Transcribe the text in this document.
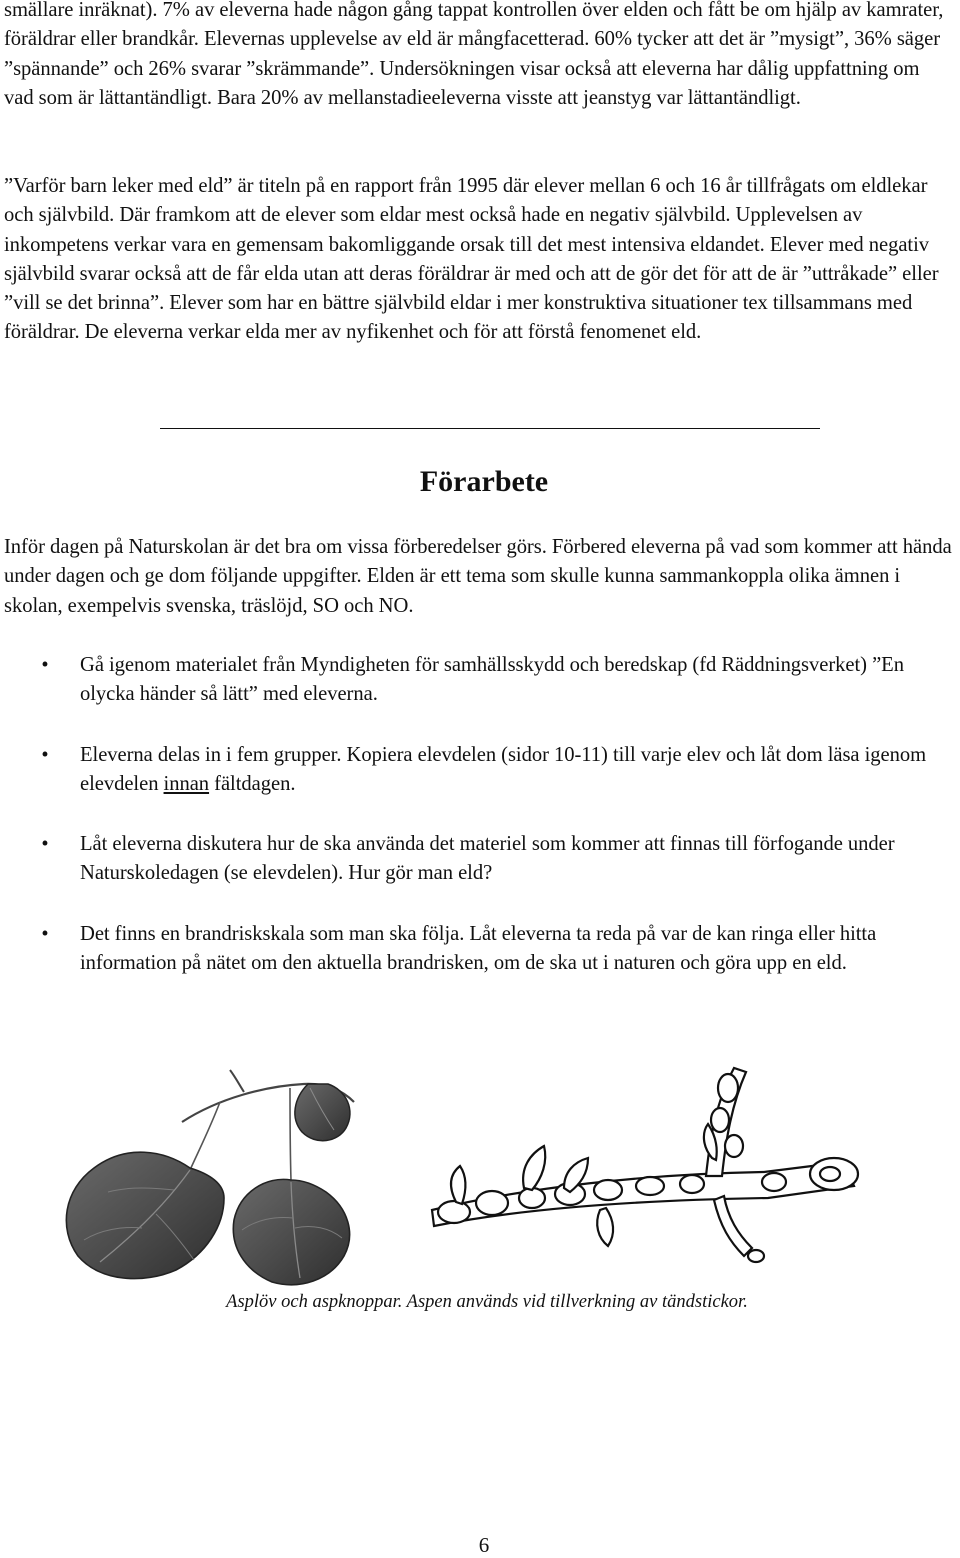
smällare inräknat). 7% av eleverna hade någon gång tappat kontrollen över elden och fått be om hjälp av kamrater, föräldrar eller brandkår. Elevernas upplevelse av eld är mångfacetterad. 60% tycker att det är ”mysigt”, 36% säger ”spännande” och 26% svarar ”skrämmande”. Undersökningen visar också att eleverna har dålig uppfattning om vad som är lättantändligt. Bara 20% av mellanstadieeleverna visste att jeanstyg var lättantändligt.

”Varför barn leker med eld” är titeln på en rapport från 1995 där elever mellan 6 och 16 år tillfrågats om eldlekar och självbild. Där framkom att de elever som eldar mest också hade en negativ självbild. Upplevelsen av inkompetens verkar vara en gemensam bakomliggande orsak till det mest intensiva eldandet. Elever med negativ självbild svarar också att de får elda utan att deras föräldrar är med och att de gör det för att de är ”uttråkade” eller ”vill se det brinna”. Elever som har en bättre självbild eldar i mer konstruktiva situationer tex tillsammans med föräldrar. De eleverna verkar elda mer av nyfikenhet och för att förstå fenomenet eld.

Förarbete

Inför dagen på Naturskolan är det bra om vissa förberedelser görs. Förbered eleverna på vad som kommer att hända under dagen och ge dom följande uppgifter. Elden är ett tema som skulle kunna sammankoppla olika ämnen i skolan, exempelvis svenska, träslöjd, SO och NO.

•	Gå igenom materialet från Myndigheten för samhällsskydd och beredskap (fd Räddningsverket) ”En olycka händer så lätt” med eleverna.
•	Eleverna delas in i fem grupper. Kopiera elevdelen (sidor 10-11) till varje elev och låt dom läsa igenom elevdelen innan fältdagen.
•	Låt eleverna diskutera hur de ska använda det materiel som kommer att finnas till förfogande under Naturskoledagen (se elevdelen). Hur gör man eld?
•	Det finns en brandriskskala som man ska följa. Låt eleverna ta reda på var de kan ringa eller hitta information på nätet om den aktuella brandrisken, om de ska ut i naturen och göra upp en eld.

Asplöv och aspknoppar. Aspen används vid tillverkning av tändstickor.

6
